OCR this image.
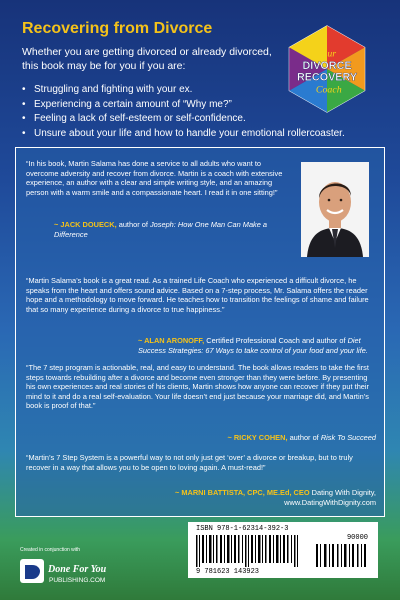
Recovering from Divorce
Whether you are getting divorced or already divorced, this book may be for you if you are:
• Struggling and fighting with your ex.
• Experiencing a certain amount of “Why me?”
• Feeling a lack of self-esteem or self-confidence.
• Unsure about your life and how to handle your emotional rollercoaster.
Your
DIVORCE
RECOVERY
Coach
“In his book, Martin Salama has done a service to all adults who want to overcome adversity and recover from divorce. Martin is a coach with extensive experience, an author with a clear and simple writing style, and an amazing person with a warm smile and a compassionate heart. I read it in one sitting!”
~ JACK DOUECK, author of Joseph: How One Man Can Make a Difference
“Martin Salama’s book is a great read. As a trained Life Coach who experienced a difficult divorce, he speaks from the heart and offers sound advice. Based on a 7-step process, Mr. Salama offers the reader hope and a methodology to move forward. He teaches how to transition the feelings of shame and failure that so many experience during a divorce to true happiness.”
~ ALAN ARONOFF, Certified Professional Coach and author of Diet Success Strategies: 67 Ways to take control of your food and your life.
“The 7 step program is actionable, real, and easy to understand. The book allows readers to take the first steps towards rebuilding after a divorce and become even stronger than they were before. By presenting his own experiences and real stories of his clients, Martin shows how anyone can recover if they put their mind to it and do a real self-evaluation. Your life doesn’t end just because your marriage did, and Martin’s book is proof of that.”
~ RICKY COHEN, author of Risk To Succeed
“Martin’s 7 Step System is a powerful way to not only just get ‘over’ a divorce or breakup, but to truly recover in a way that allows you to be open to loving again. A must-read!”
~ MARNI BATTISTA, CPC, ME.Ed, CEO Dating With Dignity,
www.DatingWithDignity.com
Created in conjunction with
Done For You
PUBLISHING.COM
ISBN 978-1-62314-392-3
90000
9 781623 143923
